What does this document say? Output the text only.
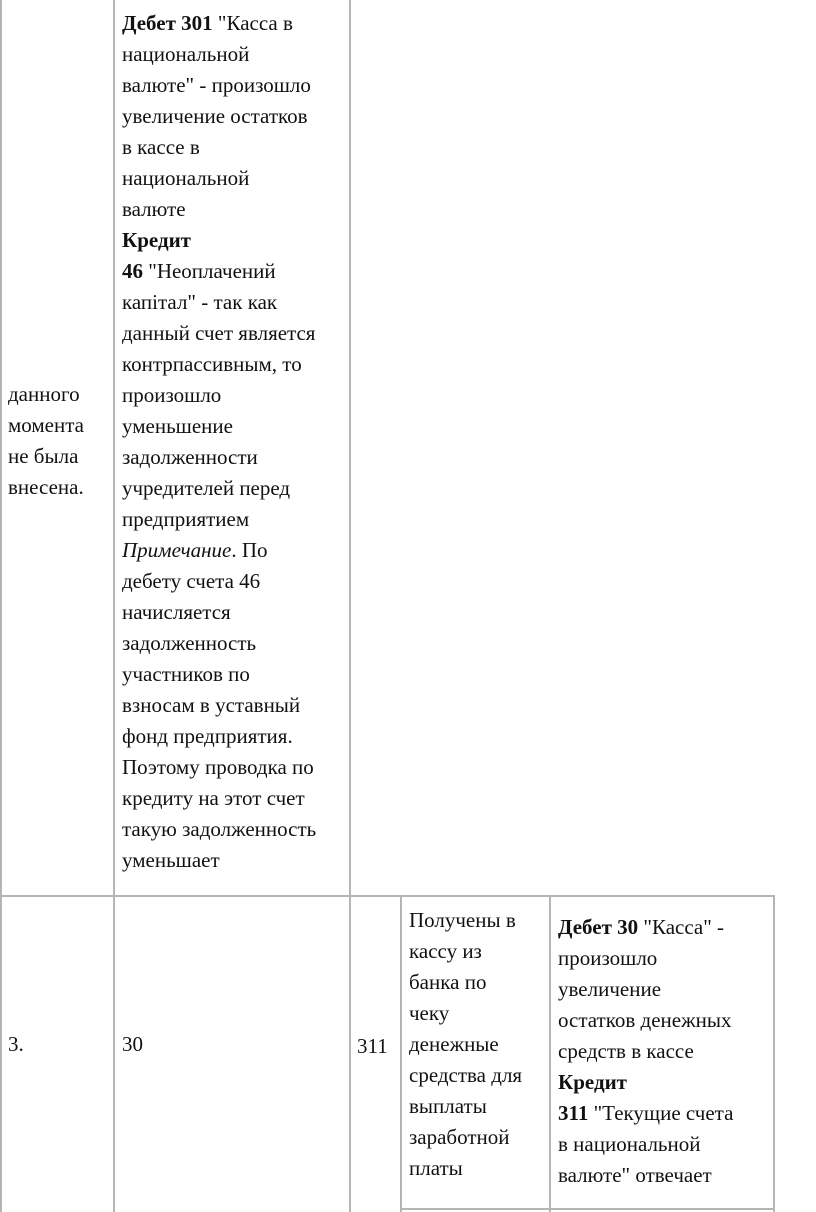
данного
момента
не была
внесена.
Дебет 301 "Касса в
национальной
валюте" - произошло
увеличение остатков
в кассе в
национальной
валюте
Кредит
46 "Неоплачений
капітал" - так как
данный счет является
контрпассивным, то
произошло
уменьшение
задолженности
учредителей перед
предприятием
Примечание. По
дебету счета 46
начисляется
задолженность
участников по
взносам в уставный
фонд предприятия.
Поэтому проводка по
кредиту на этот счет
такую задолженность
уменьшает
3.	30	311
Получены в
кассу из
банка по
чеку
денежные
средства для
выплаты
заработной
платы
Дебет 30 "Касса" -
произошло
увеличение
остатков денежных
средств в кассе
Кредит
311 "Текущие счета
в национальной
валюте" отвечает
